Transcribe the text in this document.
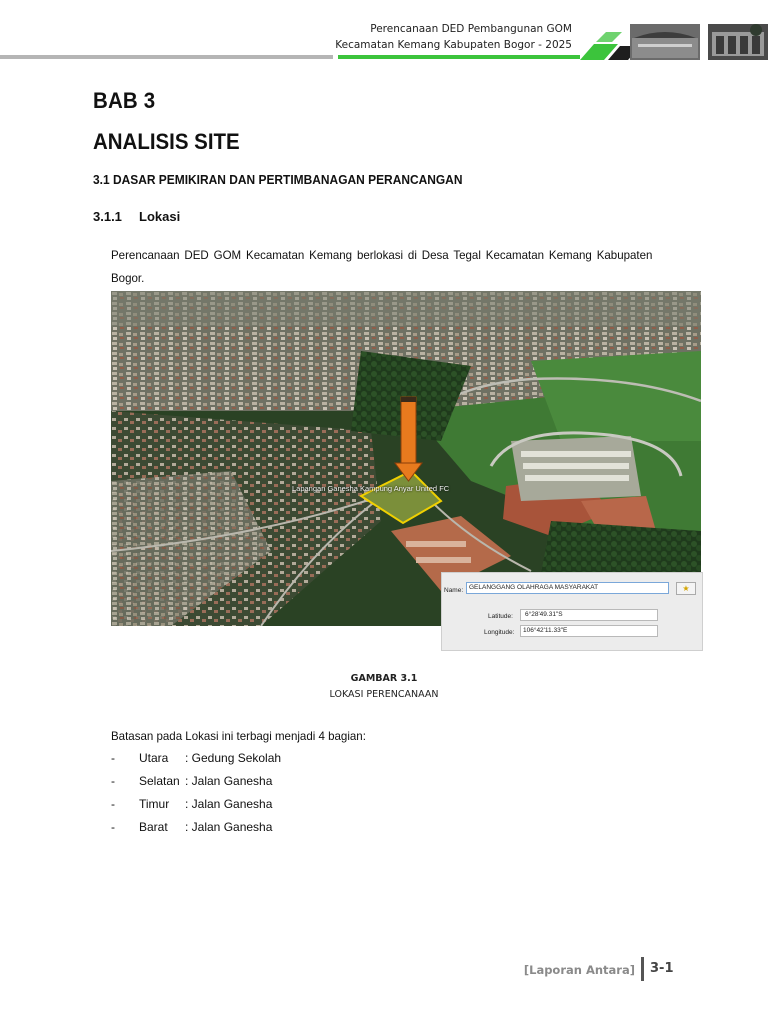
Perencanaan DED Pembangunan GOM
Kecamatan Kemang Kabupaten Bogor - 2025
BAB 3
ANALISIS SITE
3.1 DASAR PEMIKIRAN DAN PERTIMBANAGAN PERANCANGAN
3.1.1 Lokasi
Perencanaan DED GOM Kecamatan Kemang berlokasi di Desa Tegal Kecamatan Kemang Kabupaten Bogor.
Lapangan Ganesha Kampung Anyar United FC
Name: GELANGGANG OLAHRAGA MASYARAKAT	★
Latitude:	6°28'49.31"S
Longitude:	106°42'11.33"E
GAMBAR 3.1
LOKASI PERENCANAAN
Batasan pada Lokasi ini terbagi menjadi 4 bagian:
- Utara : Gedung Sekolah
- Selatan : Jalan Ganesha
- Timur : Jalan Ganesha
- Barat : Jalan Ganesha
[Laporan Antara] 3-1
